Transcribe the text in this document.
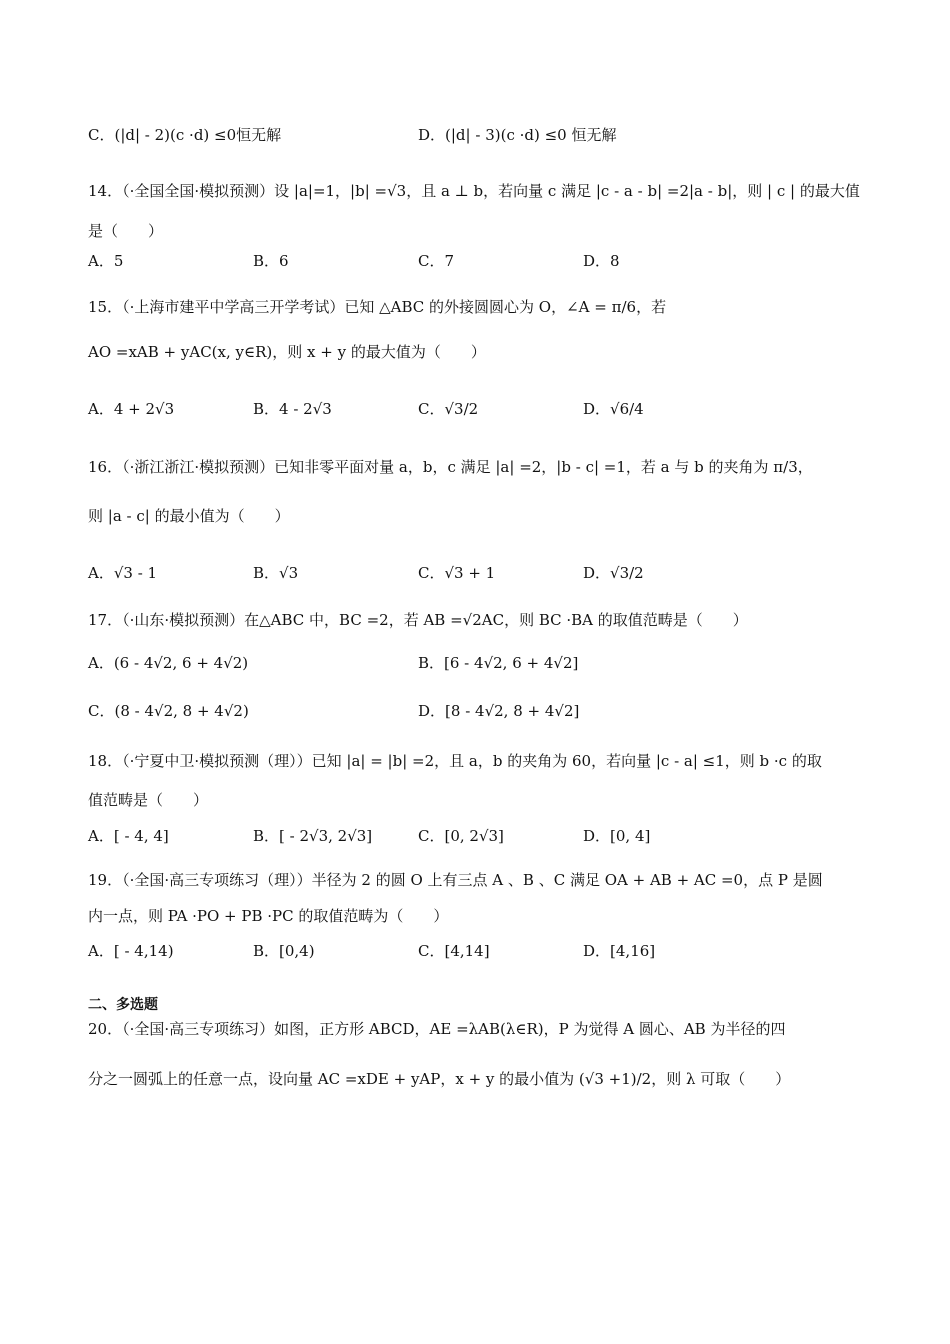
C．(|d| - 2)(c ·d) ≤0恒无解	D．(|d| - 3)(c ·d) ≤0 恒无解
14．（·全国全国·模拟预测）设 |a|=1，|b| =√3，且 a ⊥ b，若向量 c 满足 |c - a - b| =2|a - b|，则 | c | 的最大值
是（　　）
A．5	B．6	C．7	D．8
15．（·上海市建平中学高三开学考试）已知 △ABC 的外接圆圆心为 O，∠A = π/6，若
AO =xAB + yAC(x, y∈R)，则 x + y 的最大值为（　　）
A．4 + 2√3	B．4 - 2√3	C．√3/2	D．√6/4
16．（·浙江浙江·模拟预测）已知非零平面对量 a，b，c 满足 |a| =2，|b - c| =1，若 a 与 b 的夹角为 π/3，
则 |a - c| 的最小值为（　　）
A．√3 - 1	B．√3	C．√3 + 1	D．√3/2
17．（·山东·模拟预测）在△ABC 中，BC =2，若 AB =√2AC，则 BC ·BA 的取值范畴是（　　）
A．(6 - 4√2, 6 + 4√2)	B．[6 - 4√2, 6 + 4√2]
C．(8 - 4√2, 8 + 4√2)	D．[8 - 4√2, 8 + 4√2]
18．（·宁夏中卫·模拟预测（理））已知 |a| = |b| =2，且 a，b 的夹角为 60，若向量 |c - a| ≤1，则 b ·c 的取
值范畴是（　　）
A．[ - 4, 4]	B．[ - 2√3, 2√3]	C．[0, 2√3]	D．[0, 4]
19．（·全国·高三专项练习（理））半径为 2 的圆 O 上有三点 A 、B 、C 满足 OA + AB + AC =0，点 P 是圆
内一点，则 PA ·PO + PB ·PC 的取值范畴为（　　）
A．[ - 4,14)	B．[0,4)	C．[4,14]	D．[4,16]
二、多选题
20．（·全国·高三专项练习）如图，正方形 ABCD，AE =λAB(λ∈R)，P 为觉得 A 圆心、AB 为半径的四
分之一圆弧上的任意一点，设向量 AC =xDE + yAP，x + y 的最小值为 (√3 +1)/2，则 λ 可取（　　）
